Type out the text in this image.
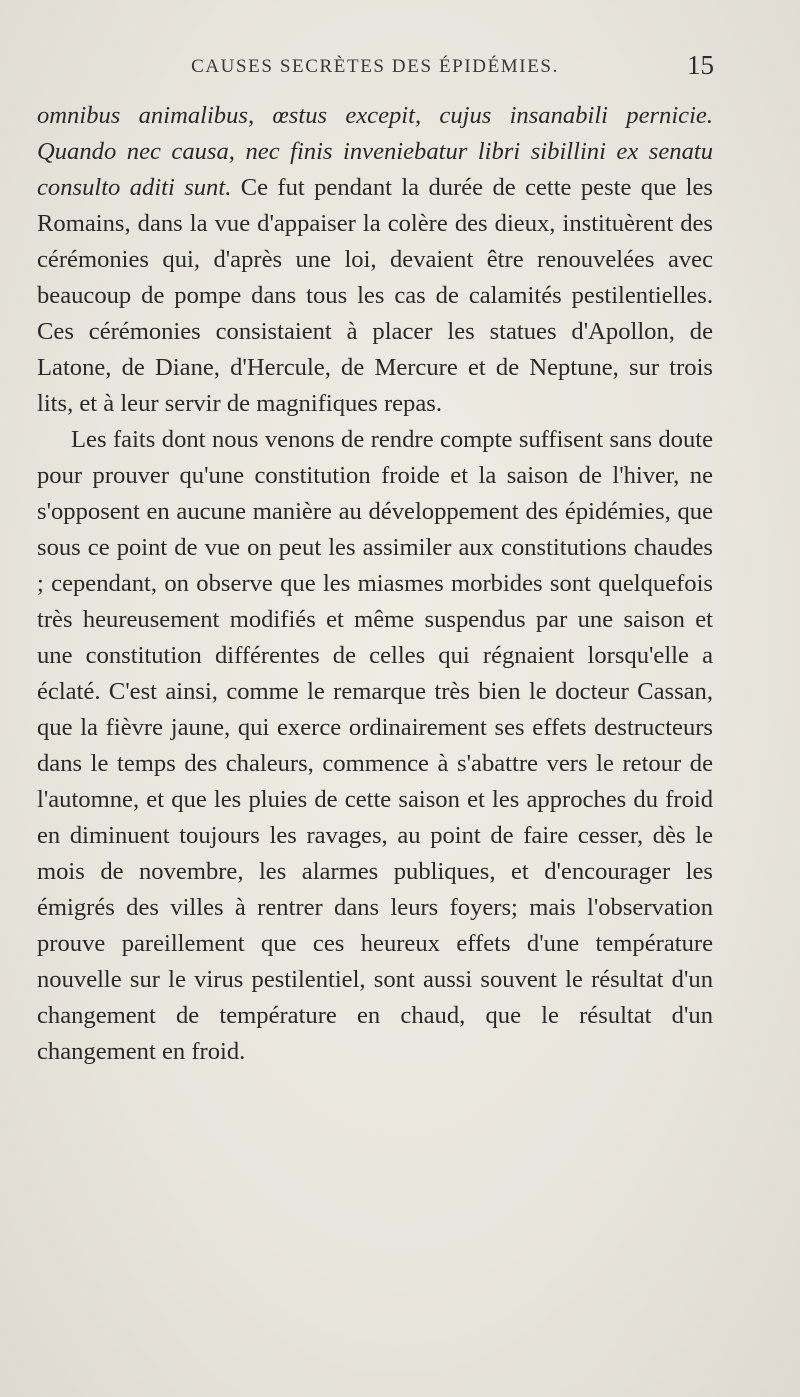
CAUSES SECRÈTES DES ÉPIDÉMIES.	15

omnibus animalibus, œstus excepit, cujus insanabili pernicie. Quando nec causa, nec finis inveniebatur libri sibillini ex senatu consulto aditi sunt. Ce fut pendant la durée de cette peste que les Romains, dans la vue d'appaiser la colère des dieux, instituèrent des cérémonies qui, d'après une loi, devaient être renouvelées avec beaucoup de pompe dans tous les cas de calamités pestilentielles. Ces cérémonies consistaient à placer les statues d'Apollon, de Latone, de Diane, d'Hercule, de Mercure et de Neptune, sur trois lits, et à leur servir de magnifiques repas.

Les faits dont nous venons de rendre compte suffisent sans doute pour prouver qu'une constitution froide et la saison de l'hiver, ne s'opposent en aucune manière au développement des épidémies, que sous ce point de vue on peut les assimiler aux constitutions chaudes ; cependant, on observe que les miasmes morbides sont quelquefois très heureusement modifiés et même suspendus par une saison et une constitution différentes de celles qui régnaient lorsqu'elle a éclaté. C'est ainsi, comme le remarque très bien le docteur Cassan, que la fièvre jaune, qui exerce ordinairement ses effets destructeurs dans le temps des chaleurs, commence à s'abattre vers le retour de l'automne, et que les pluies de cette saison et les approches du froid en diminuent toujours les ravages, au point de faire cesser, dès le mois de novembre, les alarmes publiques, et d'encourager les émigrés des villes à rentrer dans leurs foyers; mais l'observation prouve pareillement que ces heureux effets d'une température nouvelle sur le virus pestilentiel, sont aussi souvent le résultat d'un changement de température en chaud, que le résultat d'un changement en froid.
